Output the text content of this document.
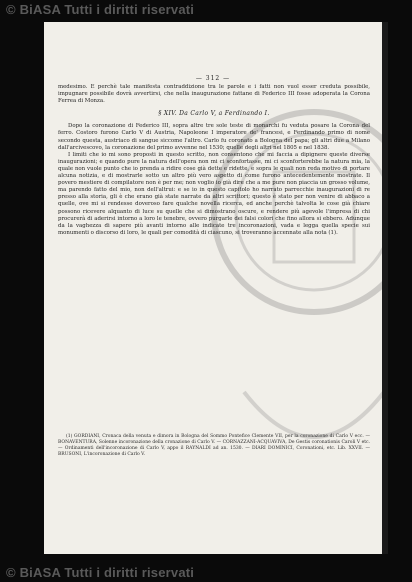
© BiASA Tutti i diritti riservati
— 312 —

medesimo. E perchè tale manifesta contraddizione tra le parole e i fatti non vuol esser creduta possibile, impugnare possibile dovrà avvertirsi, che nella inaugurazione fattane di Federico III fosse adoperata la Corona Ferrea di Monza.

§ XIV. Da Carlo V, a Ferdinando I.

Dopo la coronazione di Federico III, sopra altre tre sole teste di monarchi fu veduta posare la Corona del ferro. Costoro furono Carlo V di Austria, Napoleone I imperatore de' francesi, e Ferdinando primo di nome secondo questa, austriaco di sangue siccome l'altro. Carlo fu coronato a Bologna del papa; gli altri due a Milano dall'arcivescovo, la coronazione del primo avvenne nel 1530; quelle degli altri nel 1805 e nel 1838.

I limiti che io mi sono proposti in questo scritto, non consentono che mi faccia a dipignere queste diverse inaugurazioni; e quando pure la natura dell'opera non mi ci sconfortasse, mi ci sconforterebbe la natura mia, la quale non vuole punto che io prenda a ridire cose già dette e ridette, e sopra le quali non reda motivo di portare alcuna notizia, e di mostrarle sotto un altro più vero aspetto di come furono antecedentemente mostrate. Il povero mestiere di compilatore non è per me; non voglio io già dire che a me pure non piaccia un grosso volume, ma parendo fatto del mio, non dell'altrui: e se io in questo capitolo ho narrato parrecchie inaugurazioni di re presso alla storia, gli è che erano già state narrate da altri scrittori; questo è stato per non venire di abbaco a quelle, ove mi si rendesse doveroso fare qualche novella ricerca, ed anche perchè talvolta le cose già chiare possono ricevere alquanto di luce su quelle che si dimostrano oscure, e rendere più agevole l'impresa di chi procurerà di aderirsi intorno a loro le tenebre, ovvero purgarle dei falsi colori che fino allora si ebbero. Adunque da la vaghezza di sapere più avanti intorno alle indicate tre incoronazioni, vada e legga quella specie sui monumenti o discorso di loro, le quali per comodità di ciascuno, si troveranno accennate alla nota (1).

(1) GORDIANI, Cronaca della venuta e dimora in Bologna del Sommo Pontefice Clemente VII, per la coronazione di Carlo V ecc. — BONAVENTURA, Solenne incoronazione della cronazione di Carlo V. — CORNAZZANI-ACQUAVIVA, De Gestis coronationis Caroli V etc. — Ordinamenti dell'incoronazione di Carlo V, appo il RAYNALDI ad an. 1530. — DIARI DOMINICI, Coronationi, etc. Lib. XXVII. — BRUSONI, L'incoronazione di Carlo V.

© BiASA Tutti i diritti riservati
